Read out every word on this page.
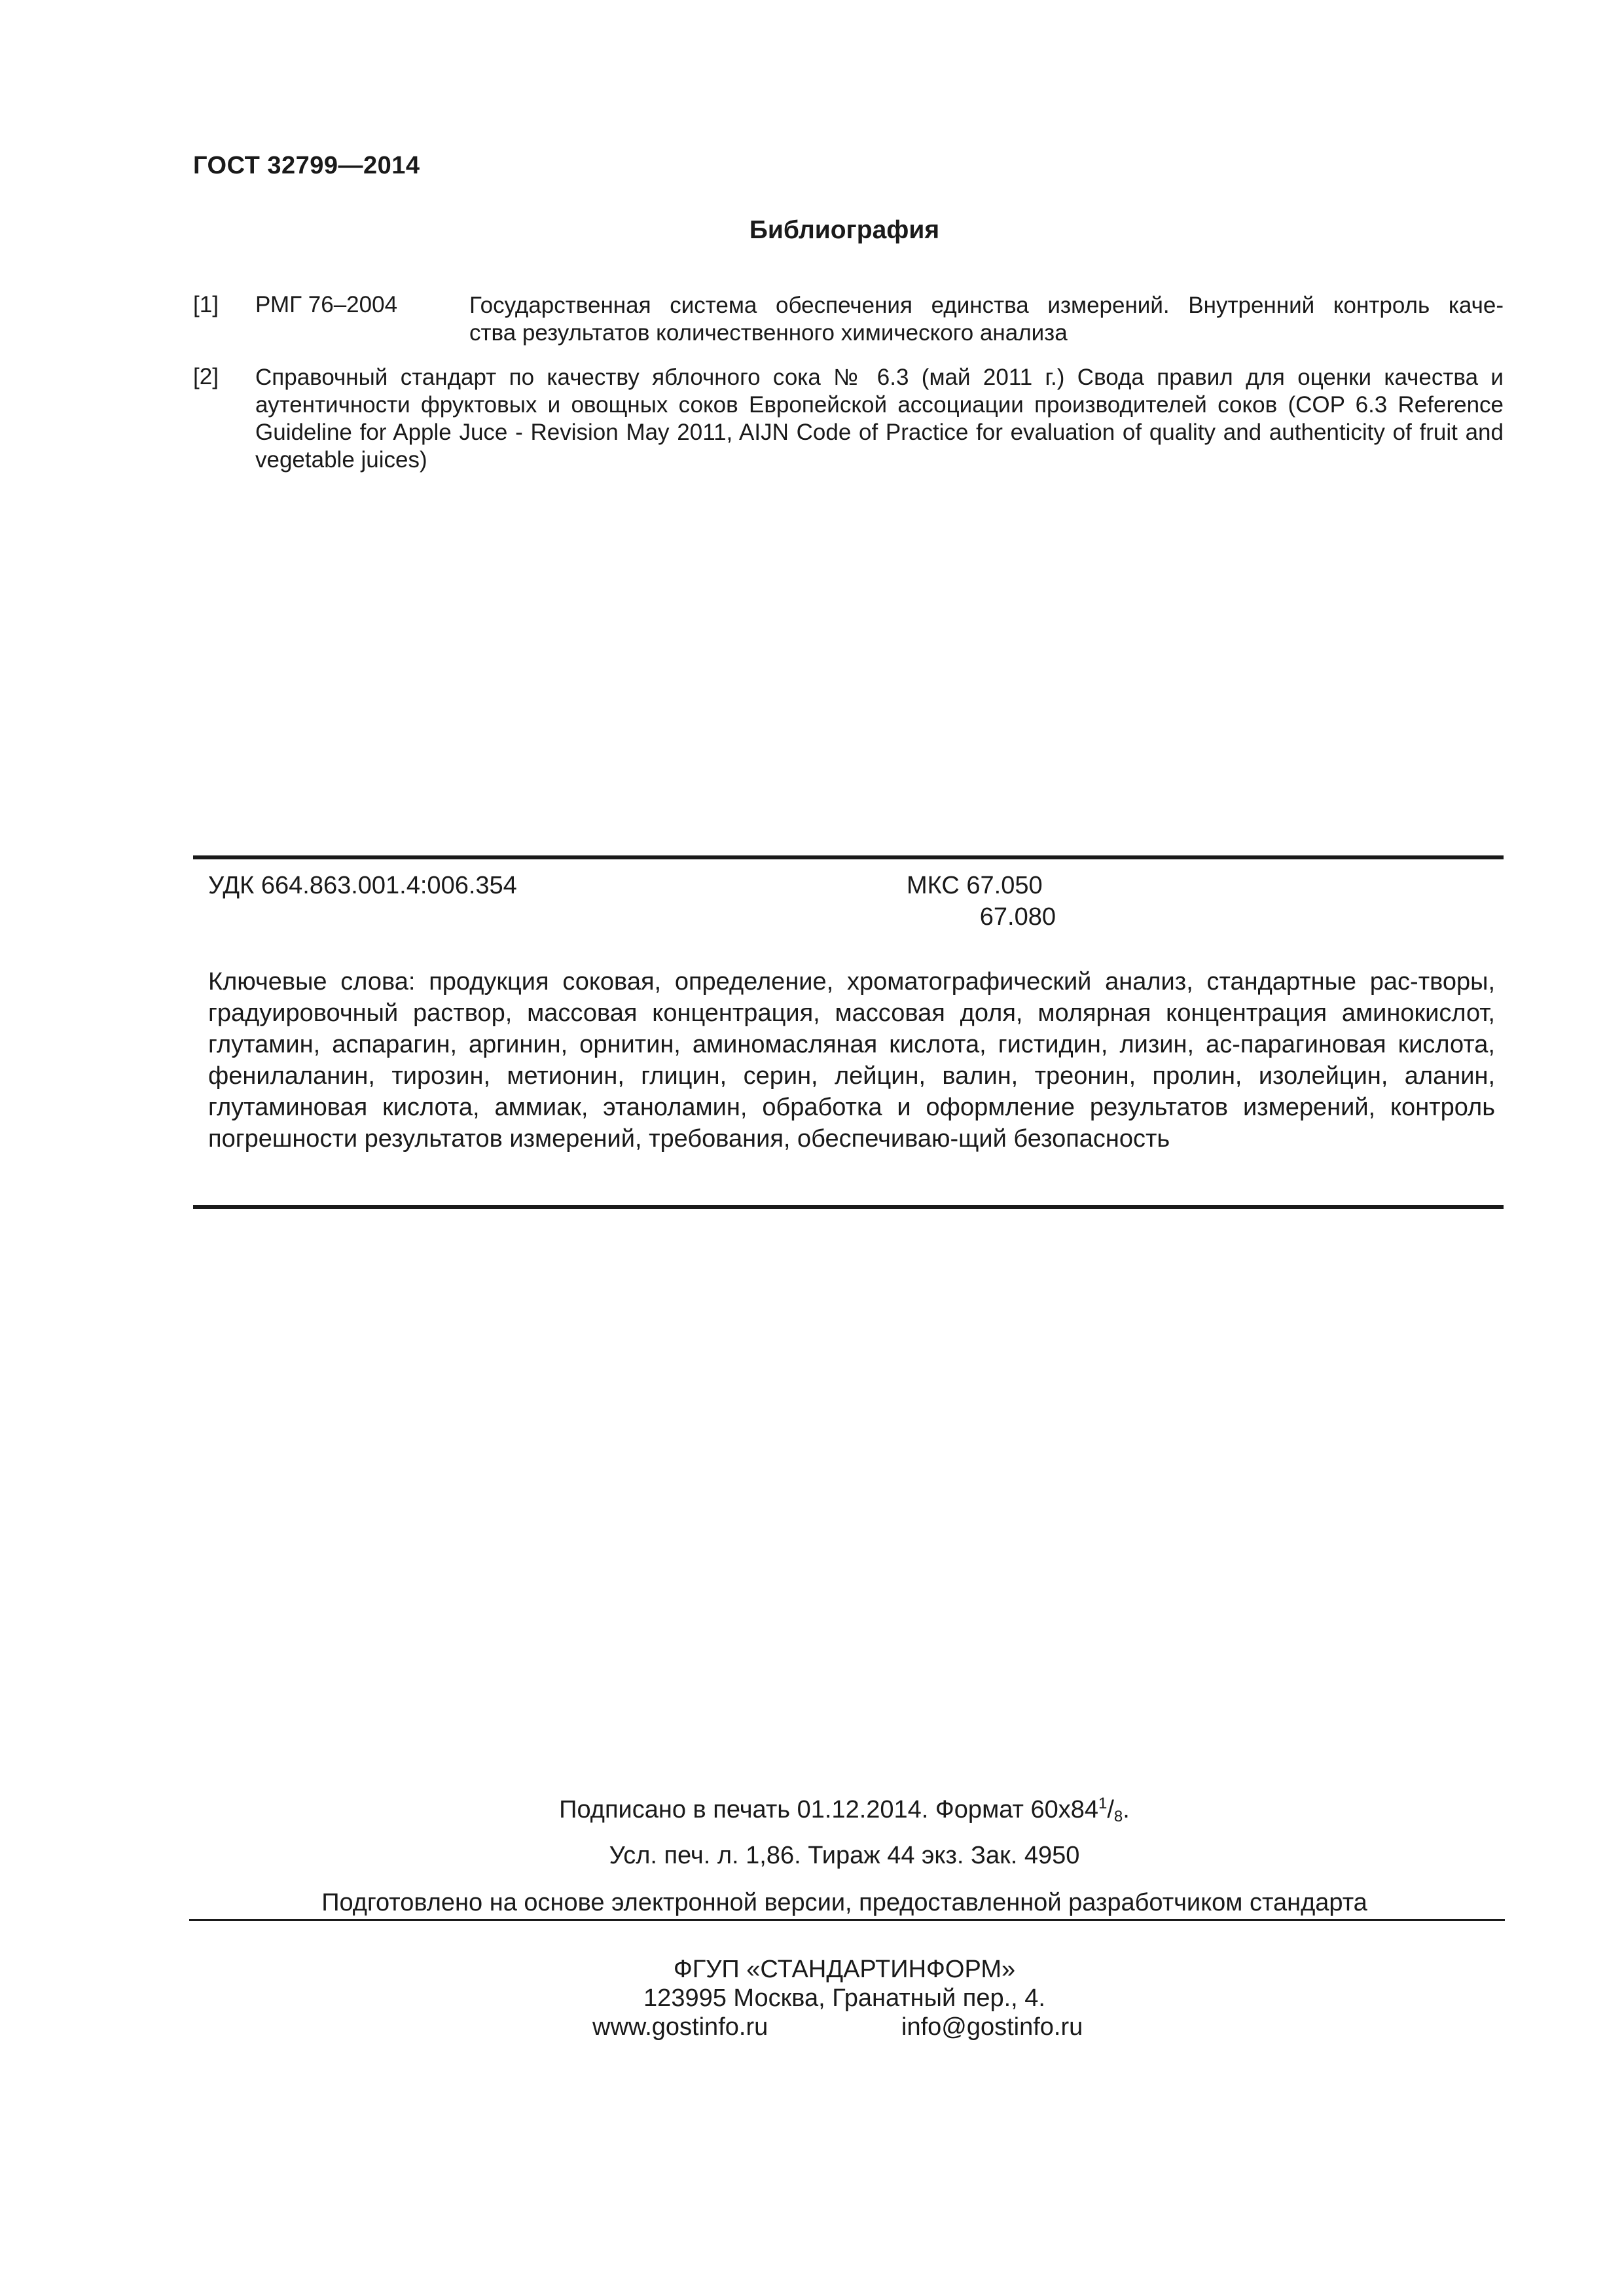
ГОСТ 32799—2014
Библиография
[1] РМГ 76–2004	Государственная система обеспечения единства измерений. Внутренний контроль каче-
ства результатов количественного химического анализа
[2] Справочный стандарт по качеству яблочного сока № 6.3 (май 2011 г.) Свода правил для оценки качества и аутентичности фруктовых и овощных соков Европейской ассоциации производителей соков (COP 6.3 Reference Guideline for Apple Juce - Revision May 2011, AIJN Code of Practice for evaluation of quality and authenticity of fruit and vegetable juices)
УДК 664.863.001.4:006.354	МКС 67.050
67.080
Ключевые слова: продукция соковая, определение, хроматографический анализ, стандартные рас-творы, градуировочный раствор, массовая концентрация, массовая доля, молярная концентрация аминокислот, глутамин, аспарагин, аргинин, орнитин, аминомасляная кислота, гистидин, лизин, ас-парагиновая кислота, фенилаланин, тирозин, метионин, глицин, серин, лейцин, валин, треонин, пролин, изолейцин, аланин, глутаминовая кислота, аммиак, этаноламин, обработка и оформление результатов измерений, контроль погрешности результатов измерений, требования, обеспечиваю-щий безопасность
Подписано в печать 01.12.2014. Формат $60x84^1/_8$.
Усл. печ. л. 1,86. Тираж 44 экз. Зак. 4950
Подготовлено на основе электронной версии, предоставленной разработчиком стандарта
ФГУП «СТАНДАРТИНФОРМ»
123995 Москва, Гранатный пер., 4.
www.gostinfo.ru	info@gostinfo.ru
